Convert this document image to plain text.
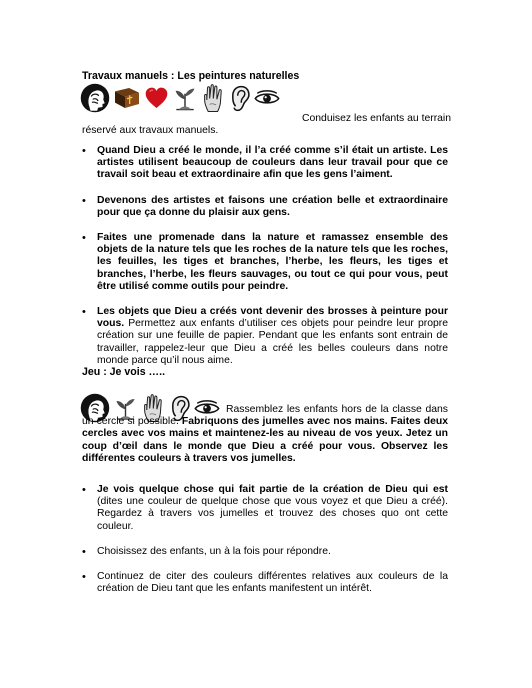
Travaux manuels : Les peintures naturelles
Conduisez les enfants au terrain
réservé aux travaux manuels.
• Quand Dieu a créé le monde, il l’a créé comme s’il était un artiste. Les artistes utilisent beaucoup de couleurs dans leur travail pour que ce travail soit beau et extraordinaire afin que les gens l’aiment.
• Devenons des artistes et faisons une création belle et extraordinaire pour que ça donne du plaisir aux gens.
• Faites une promenade dans la nature et ramassez ensemble des objets de la nature tels que les roches de la nature tels que les roches, les feuilles, les tiges et branches, l’herbe, les fleurs, les tiges et branches, l’herbe, les fleurs sauvages, ou tout ce qui pour vous, peut être utilisé comme outils pour peindre.
• Les objets que Dieu a créés vont devenir des brosses à peinture pour vous. Permettez aux enfants d’utiliser ces objets pour peindre leur propre création sur une feuille de papier. Pendant que les enfants sont entrain de travailler, rappelez-leur que Dieu a créé les belles couleurs dans notre monde parce qu’il nous aime.
Jeu : Je vois …..
Rassemblez les enfants hors de la classe dans un cercle si possible. Fabriquons des jumelles avec nos mains. Faites deux cercles avec vos mains et maintenez-les au niveau de vos yeux. Jetez un coup d’œil dans le monde que Dieu a créé pour vous. Observez les différentes couleurs à travers vos jumelles.
• Je vois quelque chose qui fait partie de la création de Dieu qui est (dites une couleur de quelque chose que vous voyez et que Dieu a créé). Regardez à travers vos jumelles et trouvez des choses quo ont cette couleur.
• Choisissez des enfants, un à la fois pour répondre.
• Continuez de citer des couleurs différentes relatives aux couleurs de la création de Dieu tant que les enfants manifestent un intérêt.
